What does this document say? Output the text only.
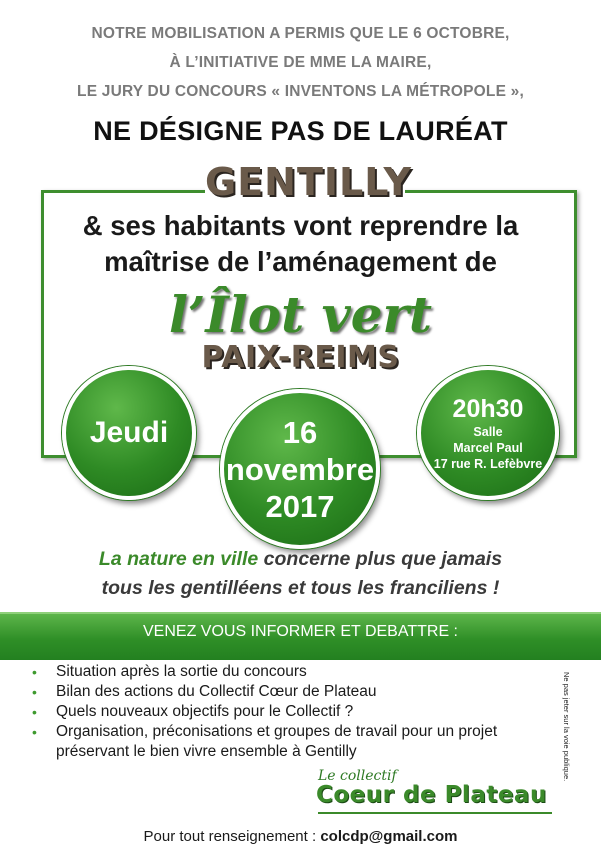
NOTRE MOBILISATION A PERMIS QUE LE 6 OCTOBRE,
À L’INITIATIVE DE MME LA MAIRE,
LE JURY DU CONCOURS « INVENTONS LA MÉTROPOLE »,
NE DÉSIGNE PAS DE LAURÉAT
GENTILLY
& ses habitants vont reprendre la
maîtrise de l’aménagement de
l’Îlot vert
PAIX-REIMS
Jeudi	16
novembre
2017
20h30
Salle
Marcel Paul
17 rue R. Lefèbvre
La nature en ville concerne plus que jamais
tous les gentilléens et tous les franciliens !
VENEZ VOUS INFORMER ET DEBATTRE :
• Situation après la sortie du concours
• Bilan des actions du Collectif Cœur de Plateau
• Quels nouveaux objectifs pour le Collectif ?
• Organisation, préconisations et groupes de travail pour un projet préservant le bien vivre ensemble à Gentilly	Ne pas jeter sur la voie publique.
Le collectif
Coeur de Plateau
Pour tout renseignement : colcdp@gmail.com
